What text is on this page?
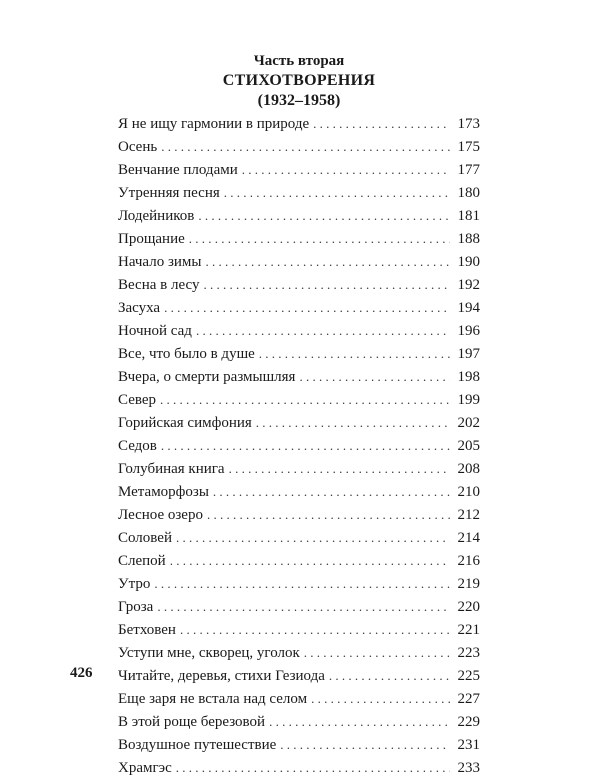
Часть вторая

СТИХОТВОРЕНИЯ

(1932–1958)

Я не ищу гармонии в природе . . .	173
Осень . . .	175
Венчание плодами . . .	177
Утренняя песня . . .	180
Лодейников . . .	181
Прощание . . .	188
Начало зимы . . .	190
Весна в лесу . . .	192
Засуха . . .	194
Ночной сад . . .	196
Все, что было в душе . . .	197
Вчера, о смерти размышляя . . .	198
Север . . .	199
Горийская симфония . . .	202
Седов . . .	205
Голубиная книга . . .	208
Метаморфозы . . .	210
Лесное озеро . . .	212
Соловей . . .	214
Слепой . . .	216
Утро . . .	219
Гроза . . .	220
Бетховен . . .	221
Уступи мне, скворец, уголок . . .	223
Читайте, деревья, стихи Гезиода . . .	225
Еще заря не встала над селом . . .	227
В этой роще березовой . . .	229
Воздушное путешествие . . .	231
Храмгэс . . .	233

426
